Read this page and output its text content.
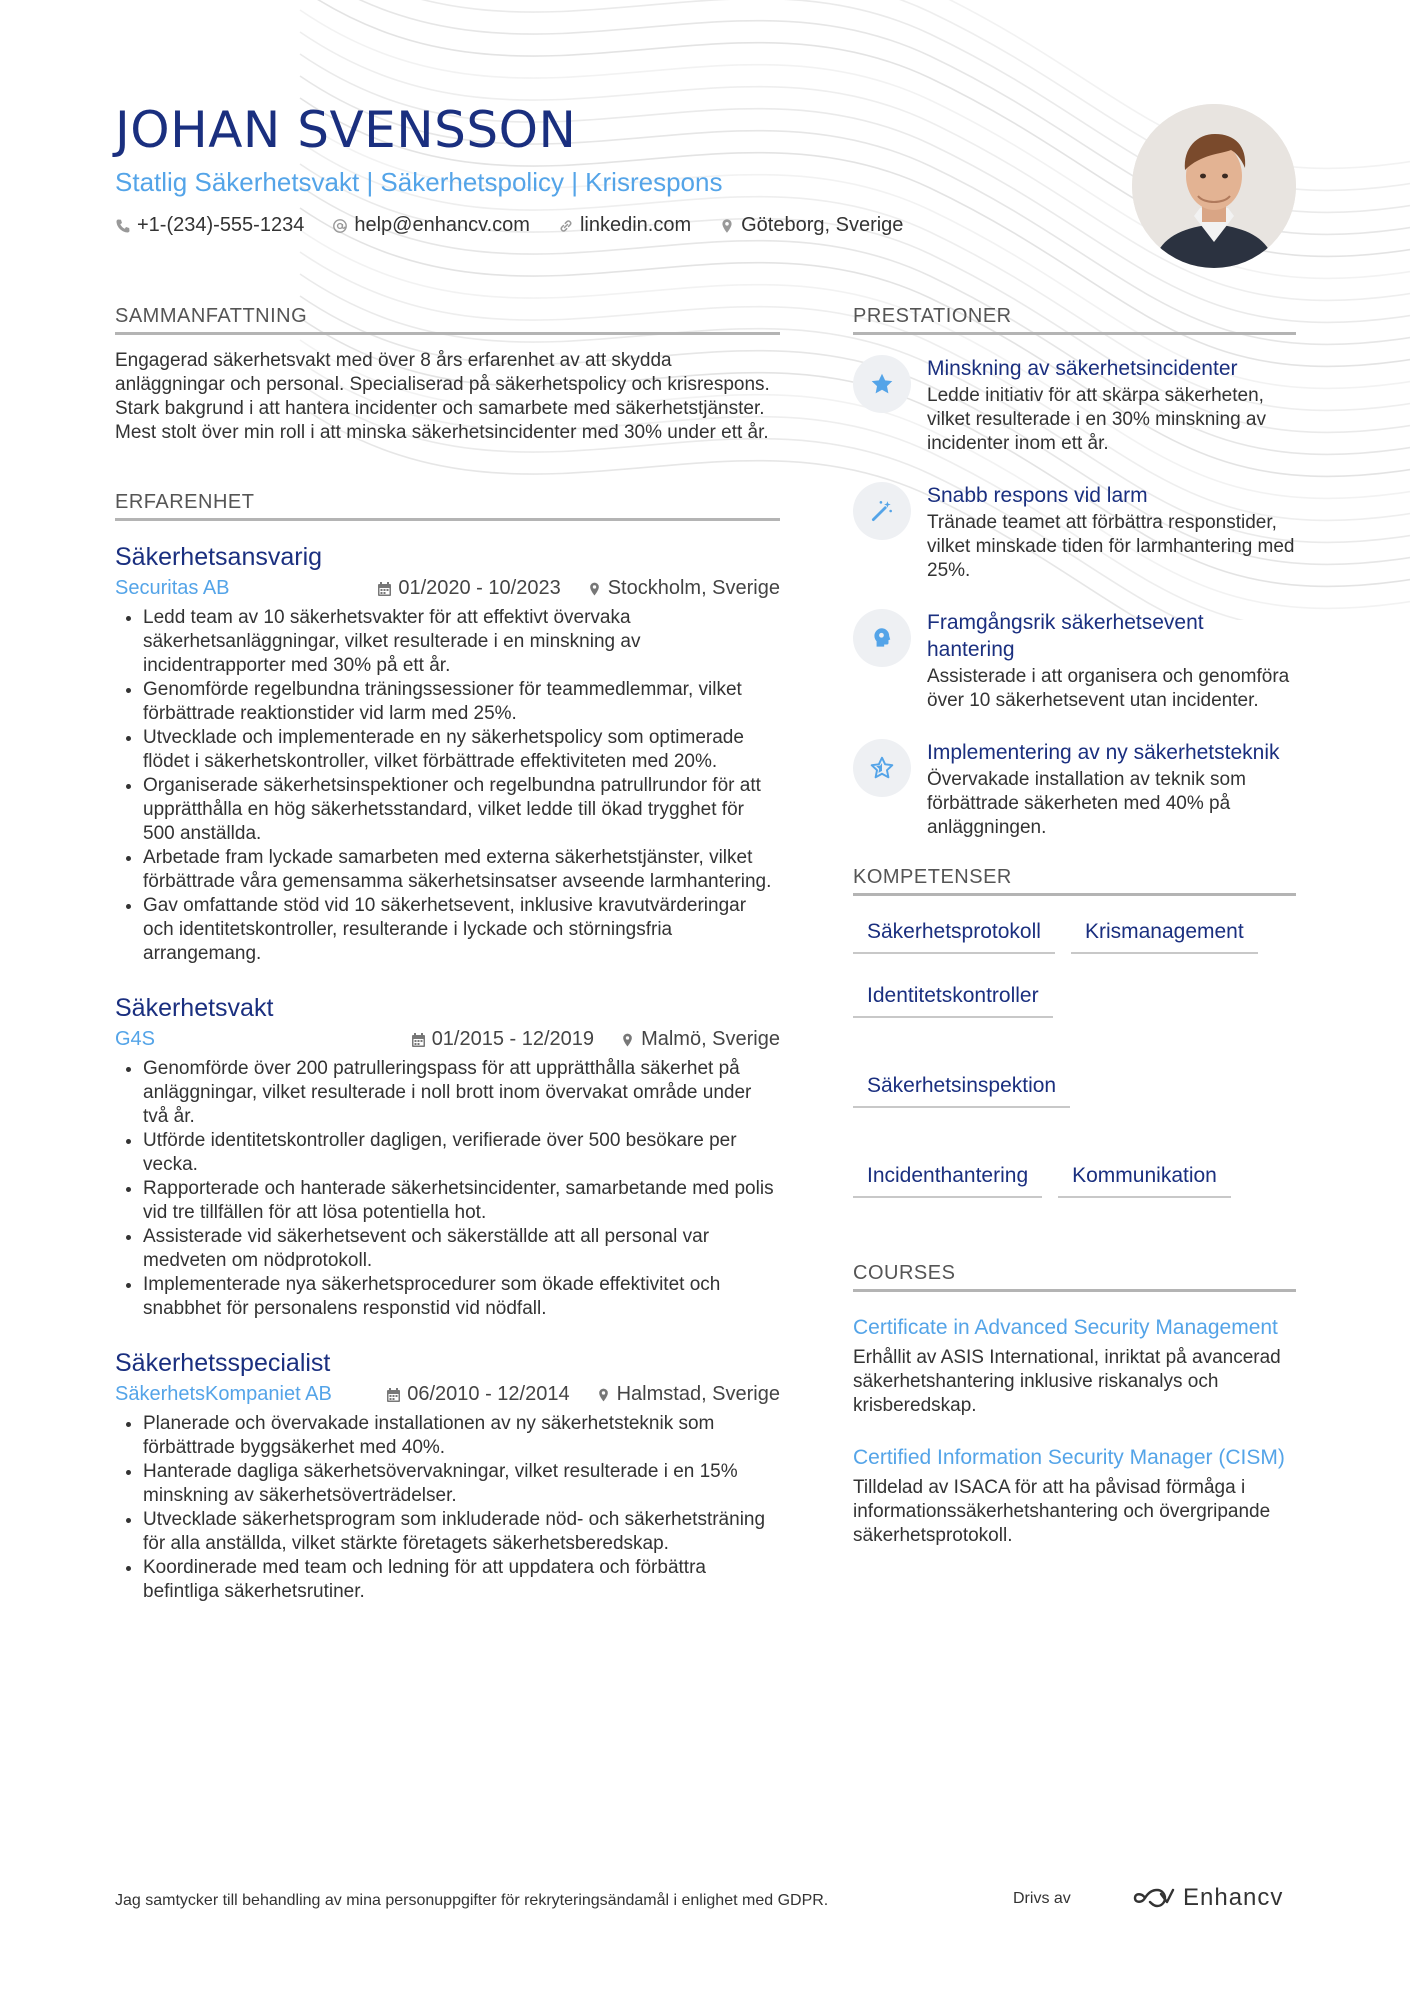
JOHAN SVENSSON
Statlig Säkerhetsvakt | Säkerhetspolicy | Krisrespons
+1-(234)-555-1234	help@enhancv.com	linkedin.com	Göteborg, Sverige
SAMMANFATTNING

Engagerad säkerhetsvakt med över 8 års erfarenhet av att skydda anläggningar och personal. Specialiserad på säkerhetspolicy och krisrespons. Stark bakgrund i att hantera incidenter och samarbete med säkerhetstjänster. Mest stolt över min roll i att minska säkerhetsincidenter med 30% under ett år.

ERFARENHET
Säkerhetsansvarig
Securitas AB	01/2020 - 10/2023 Stockholm, Sverige
Ledd team av 10 säkerhetsvakter för att effektivt övervaka säkerhetsanläggningar, vilket resulterade i en minskning av incidentrapporter med 30% på ett år.
Genomförde regelbundna träningssessioner för teammedlemmar, vilket förbättrade reaktionstider vid larm med 25%.
Utvecklade och implementerade en ny säkerhetspolicy som optimerade flödet i säkerhetskontroller, vilket förbättrade effektiviteten med 20%.
Organiserade säkerhetsinspektioner och regelbundna patrullrundor för att upprätthålla en hög säkerhetsstandard, vilket ledde till ökad trygghet för 500 anställda.
Arbetade fram lyckade samarbeten med externa säkerhetstjänster, vilket förbättrade våra gemensamma säkerhetsinsatser avseende larmhantering.
Gav omfattande stöd vid 10 säkerhetsevent, inklusive kravutvärderingar och identitetskontroller, resulterande i lyckade och störningsfria arrangemang.
Säkerhetsvakt
G4S	01/2015 - 12/2019 Malmö, Sverige
Genomförde över 200 patrulleringspass för att upprätthålla säkerhet på anläggningar, vilket resulterade i noll brott inom övervakat område under två år.
Utförde identitetskontroller dagligen, verifierade över 500 besökare per vecka.
Rapporterade och hanterade säkerhetsincidenter, samarbetande med polis vid tre tillfällen för att lösa potentiella hot.
Assisterade vid säkerhetsevent och säkerställde att all personal var medveten om nödprotokoll.
Implementerade nya säkerhetsprocedurer som ökade effektivitet och snabbhet för personalens responstid vid nödfall.
Säkerhetsspecialist
SäkerhetsKompaniet AB	06/2010 - 12/2014 Halmstad, Sverige
Planerade och övervakade installationen av ny säkerhetsteknik som förbättrade byggsäkerhet med 40%.
Hanterade dagliga säkerhetsövervakningar, vilket resulterade i en 15% minskning av säkerhetsöverträdelser.
Utvecklade säkerhetsprogram som inkluderade nöd- och säkerhetsträning för alla anställda, vilket stärkte företagets säkerhetsberedskap.
Koordinerade med team och ledning för att uppdatera och förbättra befintliga säkerhetsrutiner.
PRESTATIONER
Minskning av säkerhetsincidenter
Ledde initiativ för att skärpa säkerheten, vilket resulterade i en 30% minskning av incidenter inom ett år.
Snabb respons vid larm
Tränade teamet att förbättra responstider, vilket minskade tiden för larmhantering med 25%.
Framgångsrik säkerhetsevent hantering
Assisterade i att organisera och genomföra över 10 säkerhetsevent utan incidenter.
Implementering av ny säkerhetsteknik
Övervakade installation av teknik som förbättrade säkerheten med 40% på anläggningen.
KOMPETENSER
Säkerhetsprotokoll	Krismanagement
Identitetskontroller
Säkerhetsinspektion
Incidenthantering	Kommunikation
COURSES
Certificate in Advanced Security Management
Erhållit av ASIS International, inriktat på avancerad säkerhetshantering inklusive riskanalys och krisberedskap.
Certified Information Security Manager (CISM)
Tilldelad av ISACA för att ha påvisad förmåga i informationssäkerhetshantering och övergripande säkerhetsprotokoll.
Jag samtycker till behandling av mina personuppgifter för rekryteringsändamål i enlighet med GDPR.	Drivs av	Enhancv
